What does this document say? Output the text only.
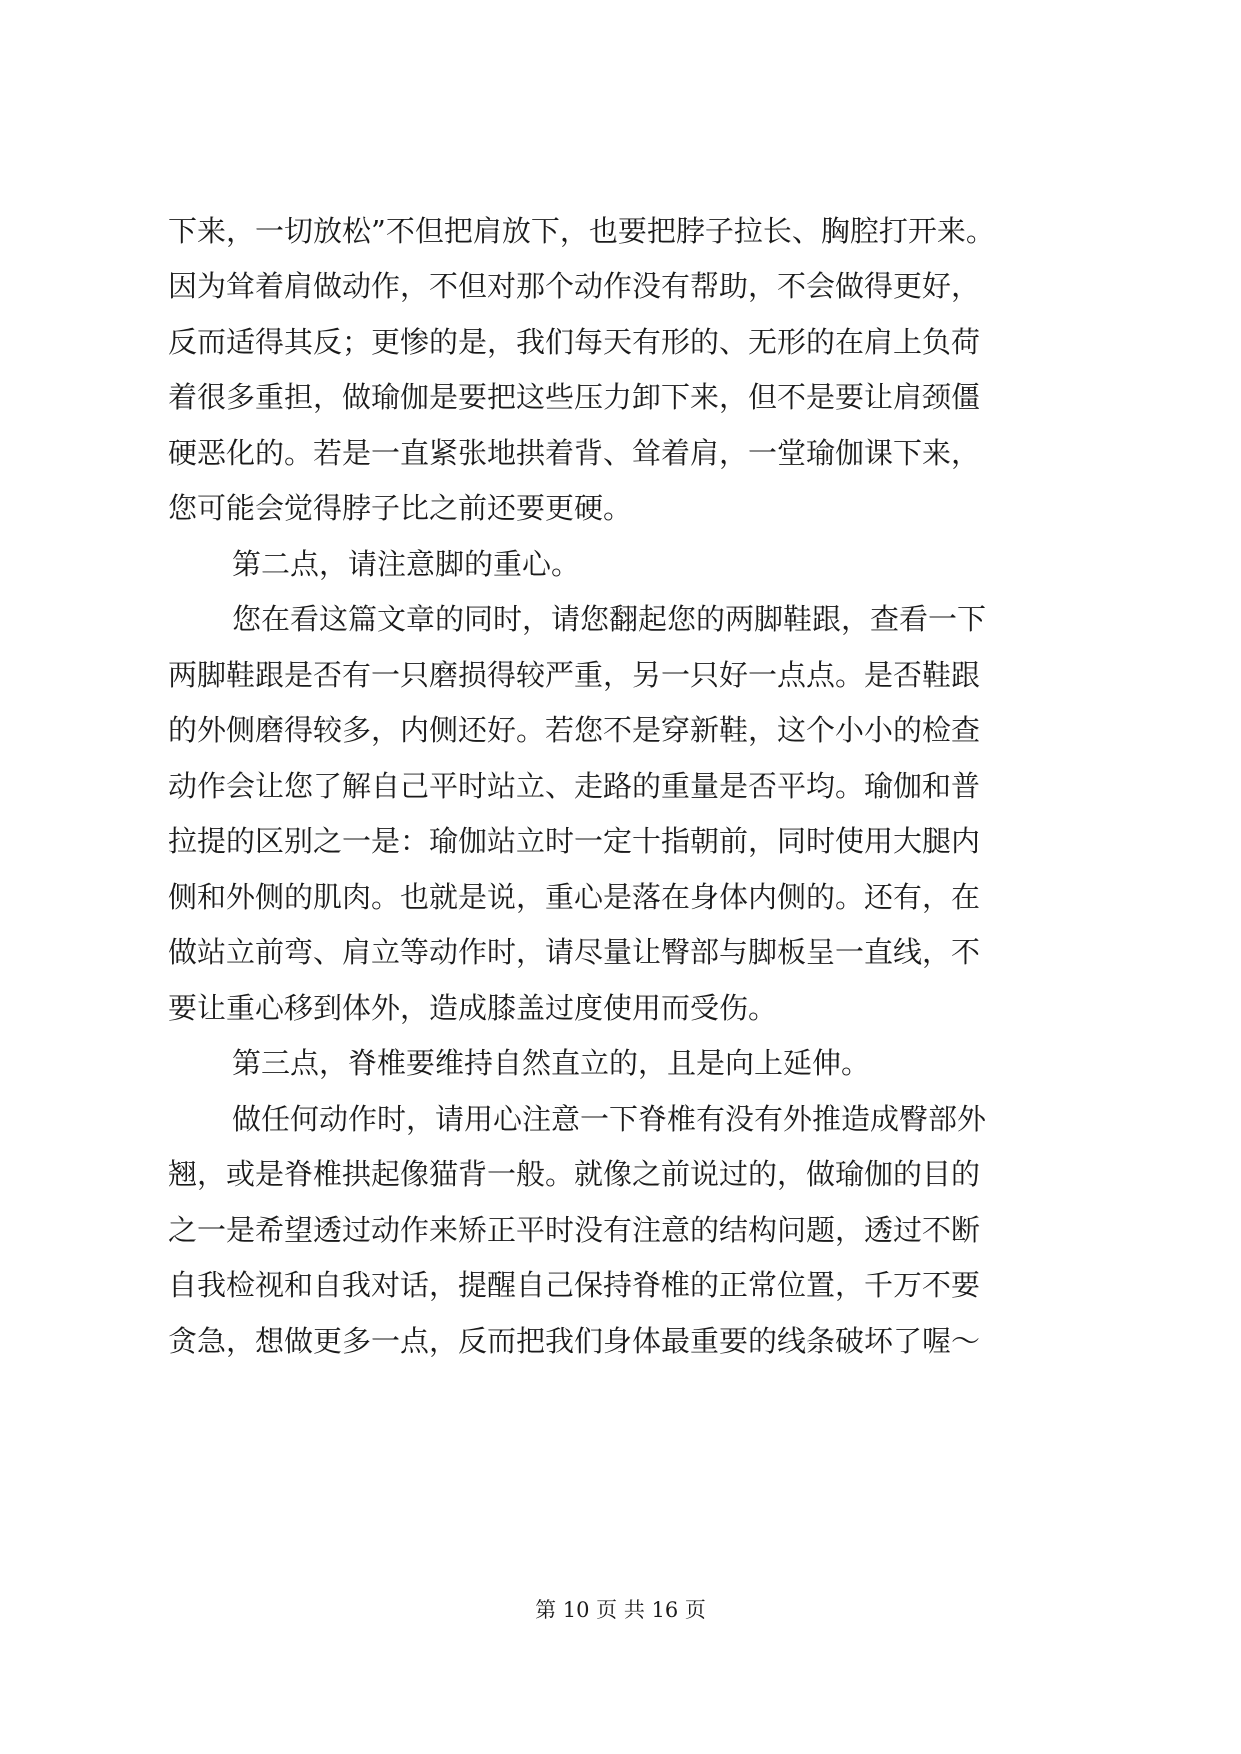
下来，一切放松”不但把肩放下，也要把脖子拉长、胸腔打开来。
因为耸着肩做动作，不但对那个动作没有帮助，不会做得更好，
反而适得其反；更惨的是，我们每天有形的、无形的在肩上负荷
着很多重担，做瑜伽是要把这些压力卸下来，但不是要让肩颈僵
硬恶化的。若是一直紧张地拱着背、耸着肩，一堂瑜伽课下来，
您可能会觉得脖子比之前还要更硬。
第二点，请注意脚的重心。
您在看这篇文章的同时，请您翻起您的两脚鞋跟，查看一下
两脚鞋跟是否有一只磨损得较严重，另一只好一点点。是否鞋跟
的外侧磨得较多，内侧还好。若您不是穿新鞋，这个小小的检查
动作会让您了解自己平时站立、走路的重量是否平均。瑜伽和普
拉提的区别之一是：瑜伽站立时一定十指朝前，同时使用大腿内
侧和外侧的肌肉。也就是说，重心是落在身体内侧的。还有，在
做站立前弯、肩立等动作时，请尽量让臀部与脚板呈一直线，不
要让重心移到体外，造成膝盖过度使用而受伤。
第三点，脊椎要维持自然直立的，且是向上延伸。
做任何动作时，请用心注意一下脊椎有没有外推造成臀部外
翘，或是脊椎拱起像猫背一般。就像之前说过的，做瑜伽的目的
之一是希望透过动作来矫正平时没有注意的结构问题，透过不断
自我检视和自我对话，提醒自己保持脊椎的正常位置，千万不要
贪急，想做更多一点，反而把我们身体最重要的线条破坏了喔～
第 10 页 共 16 页
